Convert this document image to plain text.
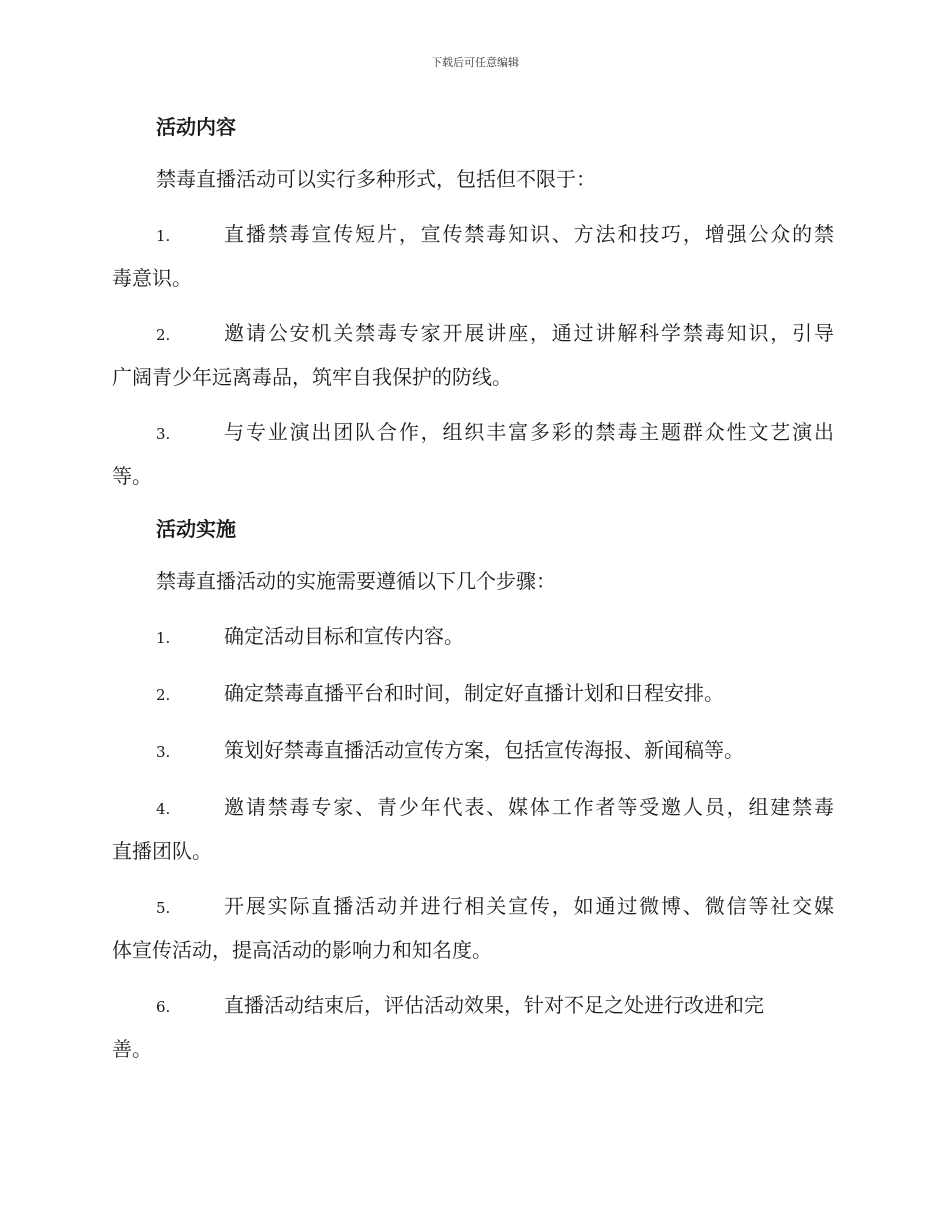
下载后可任意编辑

活动内容

禁毒直播活动可以实行多种形式，包括但不限于：

1.	直播禁毒宣传短片，宣传禁毒知识、方法和技巧，增强公众的禁
毒意识。
2.	邀请公安机关禁毒专家开展讲座，通过讲解科学禁毒知识，引导
广阔青少年远离毒品，筑牢自我保护的防线。
3.	与专业演出团队合作，组织丰富多彩的禁毒主题群众性文艺演出
等。

活动实施

禁毒直播活动的实施需要遵循以下几个步骤：

1.	确定活动目标和宣传内容。
2.	确定禁毒直播平台和时间，制定好直播计划和日程安排。
3.	策划好禁毒直播活动宣传方案，包括宣传海报、新闻稿等。
4.	邀请禁毒专家、青少年代表、媒体工作者等受邀人员，组建禁毒
直播团队。
5.	开展实际直播活动并进行相关宣传，如通过微博、微信等社交媒
体宣传活动，提高活动的影响力和知名度。
6.	直播活动结束后，评估活动效果，针对不足之处进行改进和完
善。
